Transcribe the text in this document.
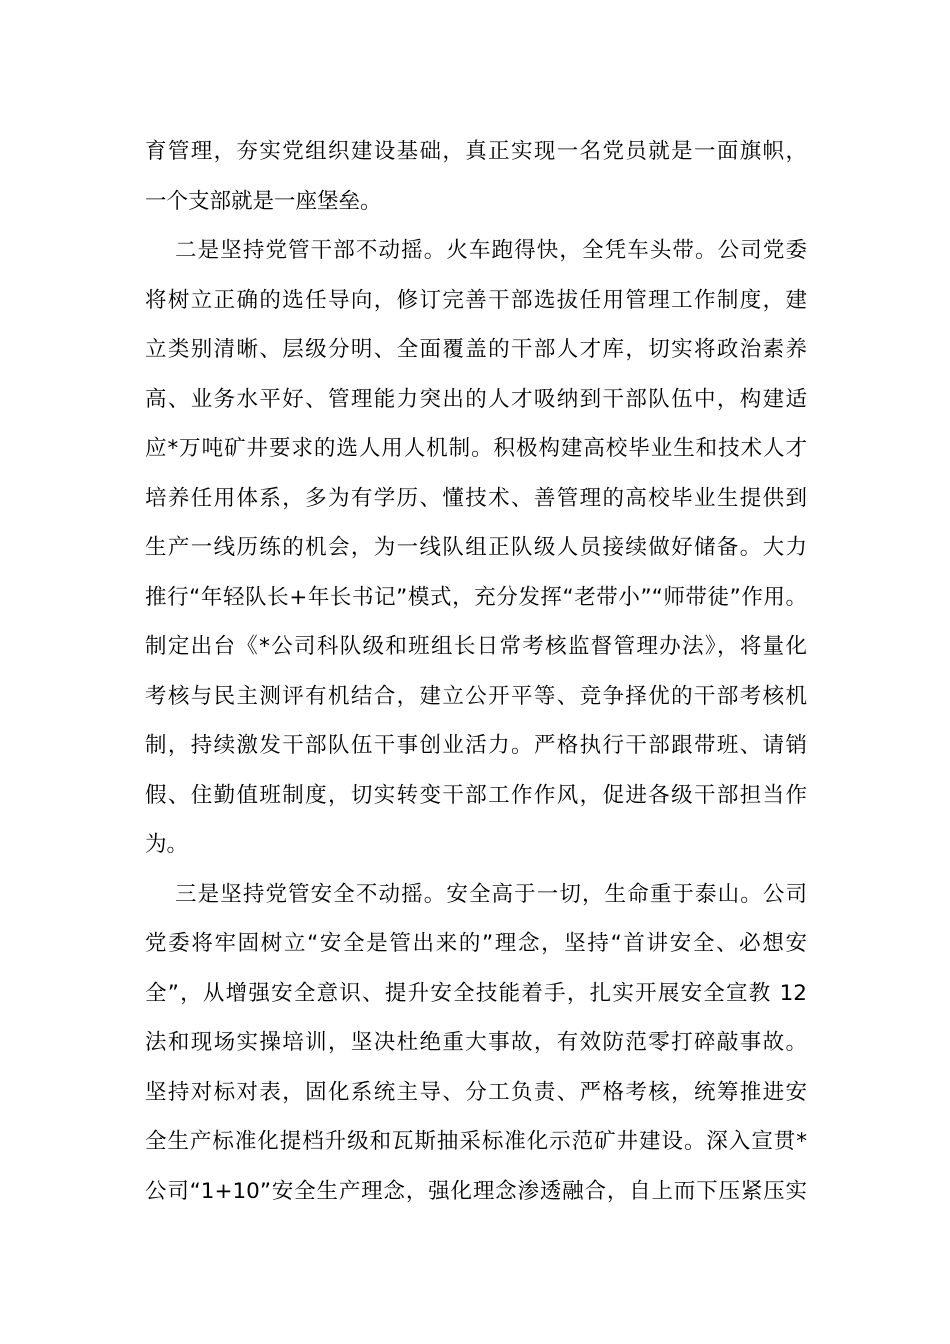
育管理，夯实党组织建设基础，真正实现一名党员就是一面旗帜，
一个支部就是一座堡垒。
二是坚持党管干部不动摇。火车跑得快，全凭车头带。公司党委
将树立正确的选任导向，修订完善干部选拔任用管理工作制度，建
立类别清晰、层级分明、全面覆盖的干部人才库，切实将政治素养
高、业务水平好、管理能力突出的人才吸纳到干部队伍中，构建适
应*万吨矿井要求的选人用人机制。积极构建高校毕业生和技术人才
培养任用体系，多为有学历、懂技术、善管理的高校毕业生提供到
生产一线历练的机会，为一线队组正队级人员接续做好储备。大力
推行“年轻队长+年长书记”模式，充分发挥“老带小”“师带徒”作用。
制定出台《*公司科队级和班组长日常考核监督管理办法》，将量化
考核与民主测评有机结合，建立公开平等、竞争择优的干部考核机
制，持续激发干部队伍干事创业活力。严格执行干部跟带班、请销
假、住勤值班制度，切实转变干部工作作风，促进各级干部担当作
为。
三是坚持党管安全不动摇。安全高于一切，生命重于泰山。公司
党委将牢固树立“安全是管出来的”理念，坚持“首讲安全、必想安
全”，从增强安全意识、提升安全技能着手，扎实开展安全宣教 12
法和现场实操培训，坚决杜绝重大事故，有效防范零打碎敲事故。
坚持对标对表，固化系统主导、分工负责、严格考核，统筹推进安
全生产标准化提档升级和瓦斯抽采标准化示范矿井建设。深入宣贯*
公司“1+10”安全生产理念，强化理念渗透融合，自上而下压紧压实
